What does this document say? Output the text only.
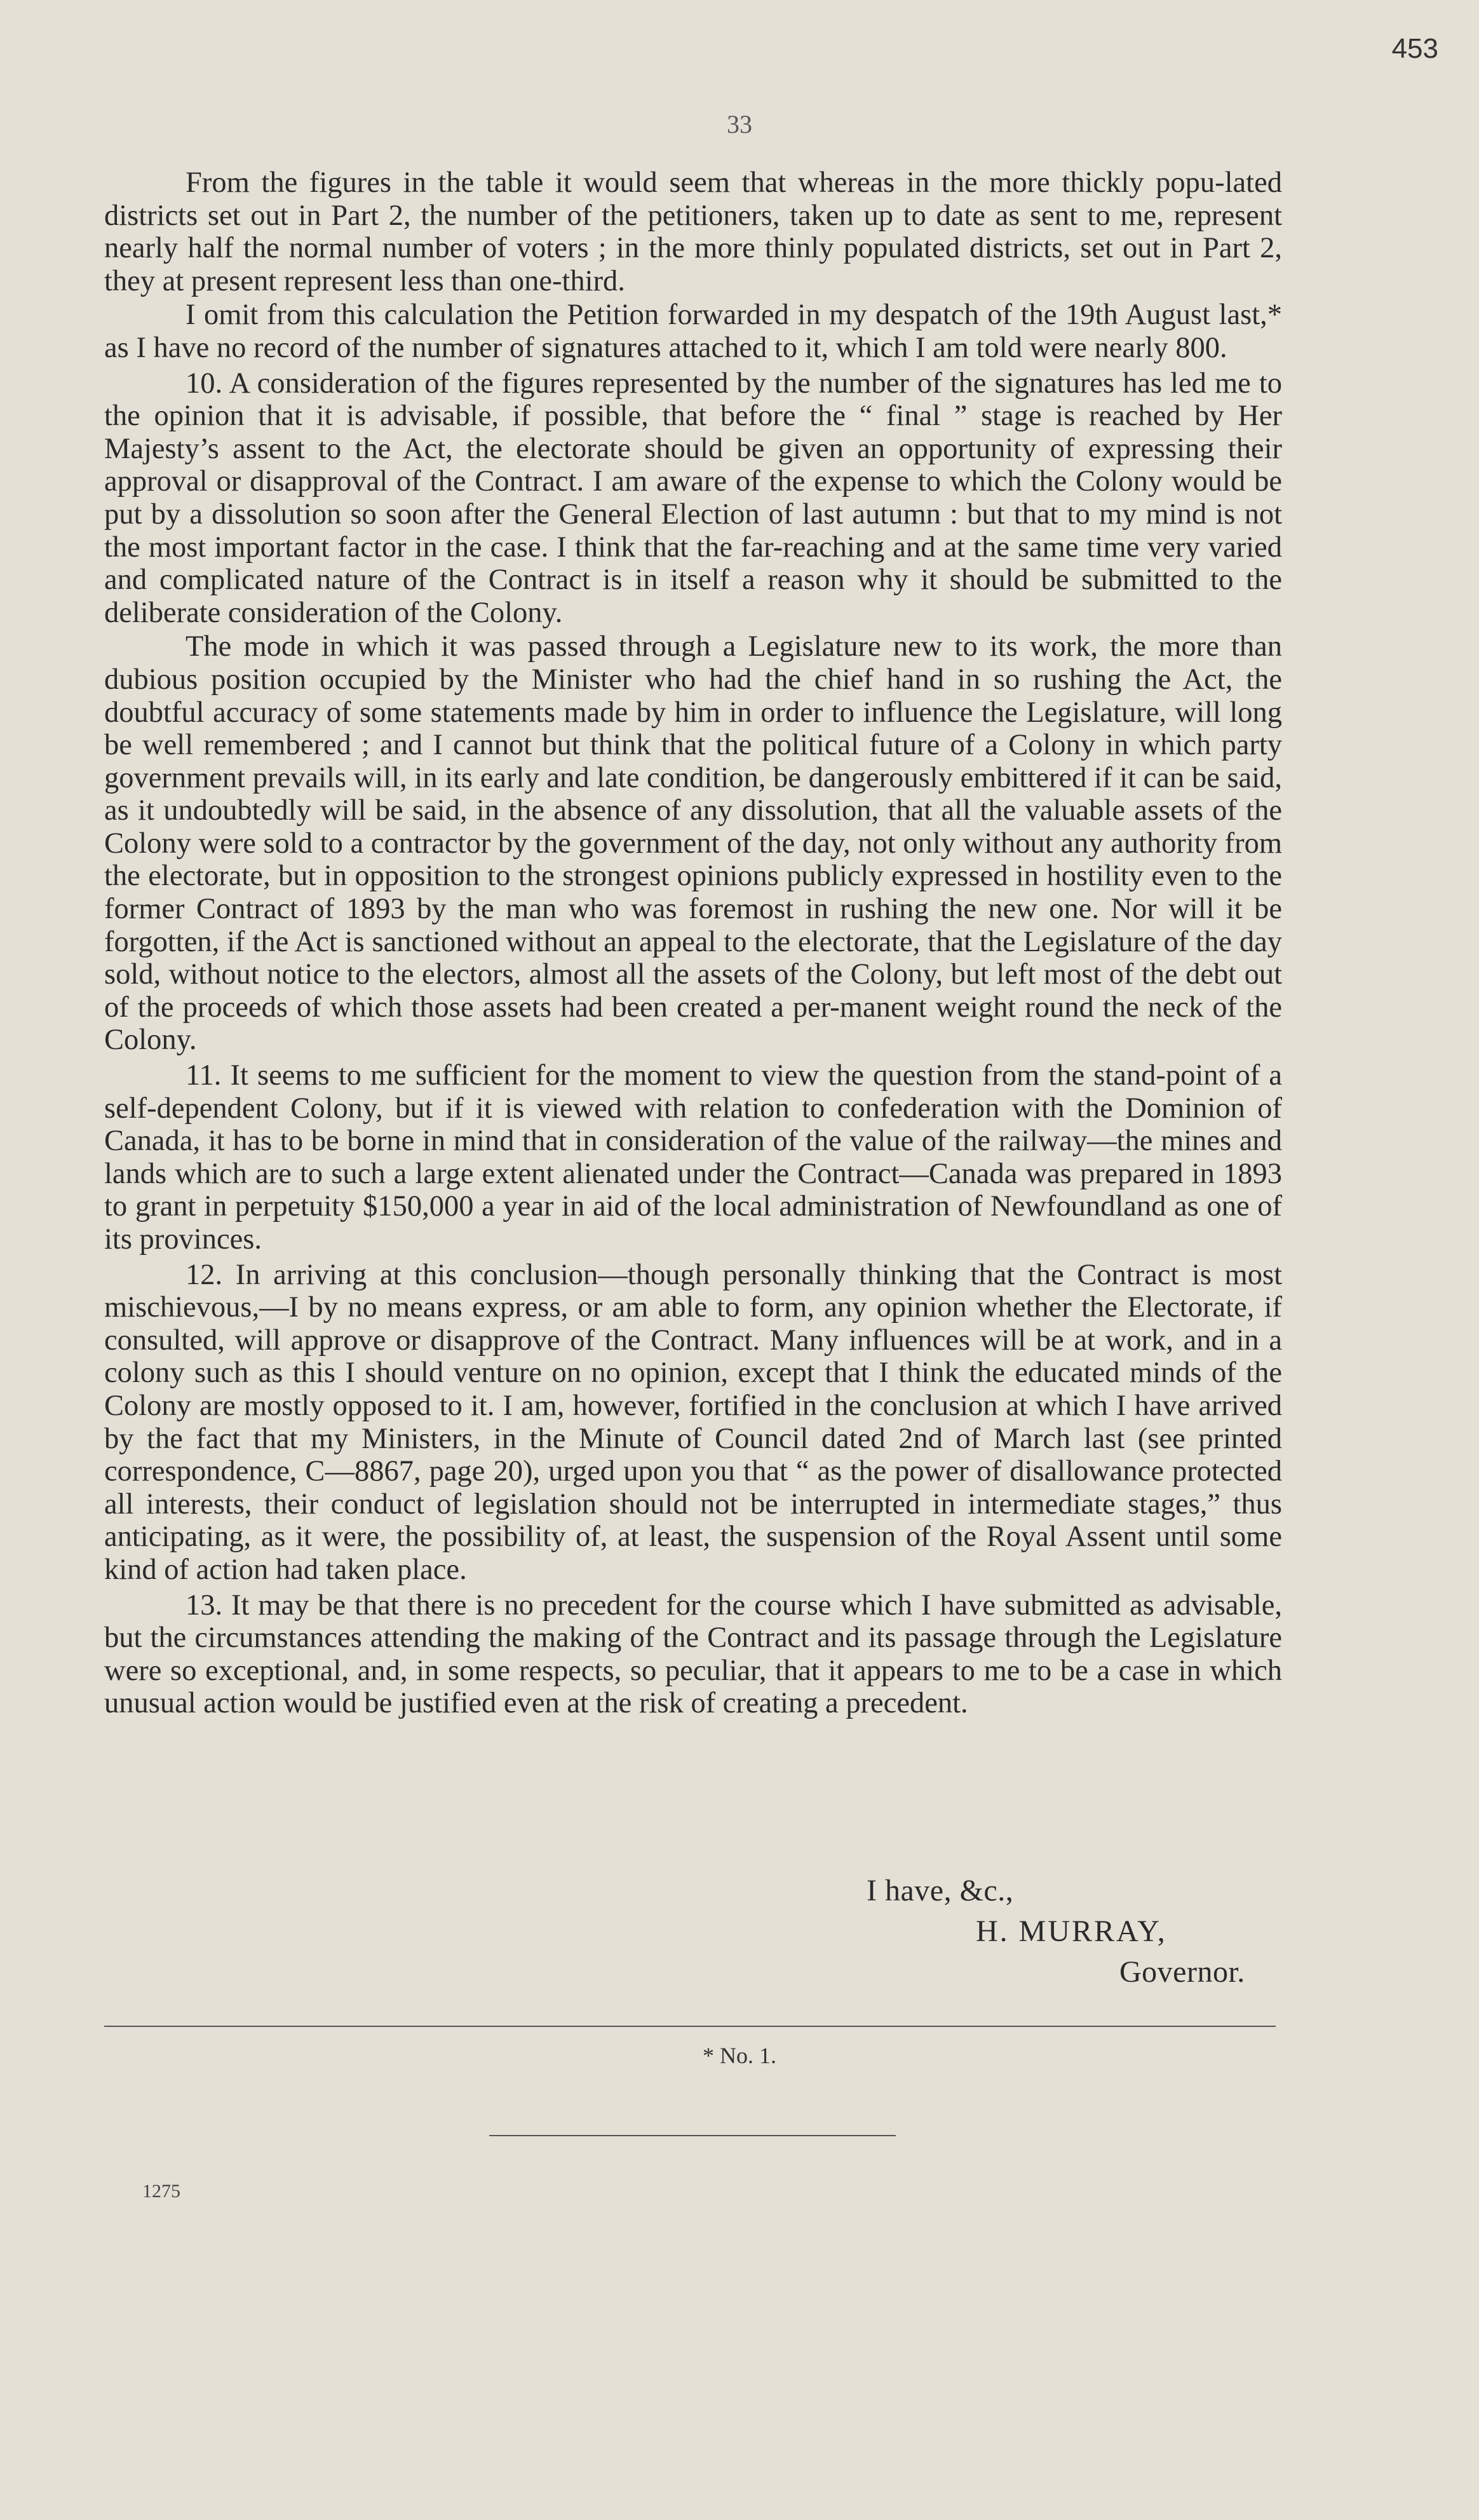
453
33

From the figures in the table it would seem that whereas in the more thickly popu-lated districts set out in Part 2, the number of the petitioners, taken up to date as sent to me, represent nearly half the normal number of voters ; in the more thinly populated districts, set out in Part 2, they at present represent less than one-third.

I omit from this calculation the Petition forwarded in my despatch of the 19th August last,* as I have no record of the number of signatures attached to it, which I am told were nearly 800.

10. A consideration of the figures represented by the number of the signatures has led me to the opinion that it is advisable, if possible, that before the “ final ” stage is reached by Her Majesty’s assent to the Act, the electorate should be given an opportunity of expressing their approval or disapproval of the Contract. I am aware of the expense to which the Colony would be put by a dissolution so soon after the General Election of last autumn : but that to my mind is not the most important factor in the case. I think that the far-reaching and at the same time very varied and complicated nature of the Contract is in itself a reason why it should be submitted to the deliberate consideration of the Colony.

The mode in which it was passed through a Legislature new to its work, the more than dubious position occupied by the Minister who had the chief hand in so rushing the Act, the doubtful accuracy of some statements made by him in order to influence the Legislature, will long be well remembered ; and I cannot but think that the political future of a Colony in which party government prevails will, in its early and late condition, be dangerously embittered if it can be said, as it undoubtedly will be said, in the absence of any dissolution, that all the valuable assets of the Colony were sold to a contractor by the government of the day, not only without any authority from the electorate, but in opposition to the strongest opinions publicly expressed in hostility even to the former Contract of 1893 by the man who was foremost in rushing the new one. Nor will it be forgotten, if the Act is sanctioned without an appeal to the electorate, that the Legislature of the day sold, without notice to the electors, almost all the assets of the Colony, but left most of the debt out of the proceeds of which those assets had been created a per-manent weight round the neck of the Colony.

11. It seems to me sufficient for the moment to view the question from the stand-point of a self-dependent Colony, but if it is viewed with relation to confederation with the Dominion of Canada, it has to be borne in mind that in consideration of the value of the railway—the mines and lands which are to such a large extent alienated under the Contract—Canada was prepared in 1893 to grant in perpetuity $150,000 a year in aid of the local administration of Newfoundland as one of its provinces.

12. In arriving at this conclusion—though personally thinking that the Contract is most mischievous,—I by no means express, or am able to form, any opinion whether the Electorate, if consulted, will approve or disapprove of the Contract. Many influences will be at work, and in a colony such as this I should venture on no opinion, except that I think the educated minds of the Colony are mostly opposed to it. I am, however, fortified in the conclusion at which I have arrived by the fact that my Ministers, in the Minute of Council dated 2nd of March last (see printed correspondence, C—8867, page 20), urged upon you that “ as the power of disallowance protected all interests, their conduct of legislation should not be interrupted in intermediate stages,” thus anticipating, as it were, the possibility of, at least, the suspension of the Royal Assent until some kind of action had taken place.

13. It may be that there is no precedent for the course which I have submitted as advisable, but the circumstances attending the making of the Contract and its passage through the Legislature were so exceptional, and, in some respects, so peculiar, that it appears to me to be a case in which unusual action would be justified even at the risk of creating a precedent.

I have, &c.,
H. MURRAY,
Governor.
* No. 1.
1275
